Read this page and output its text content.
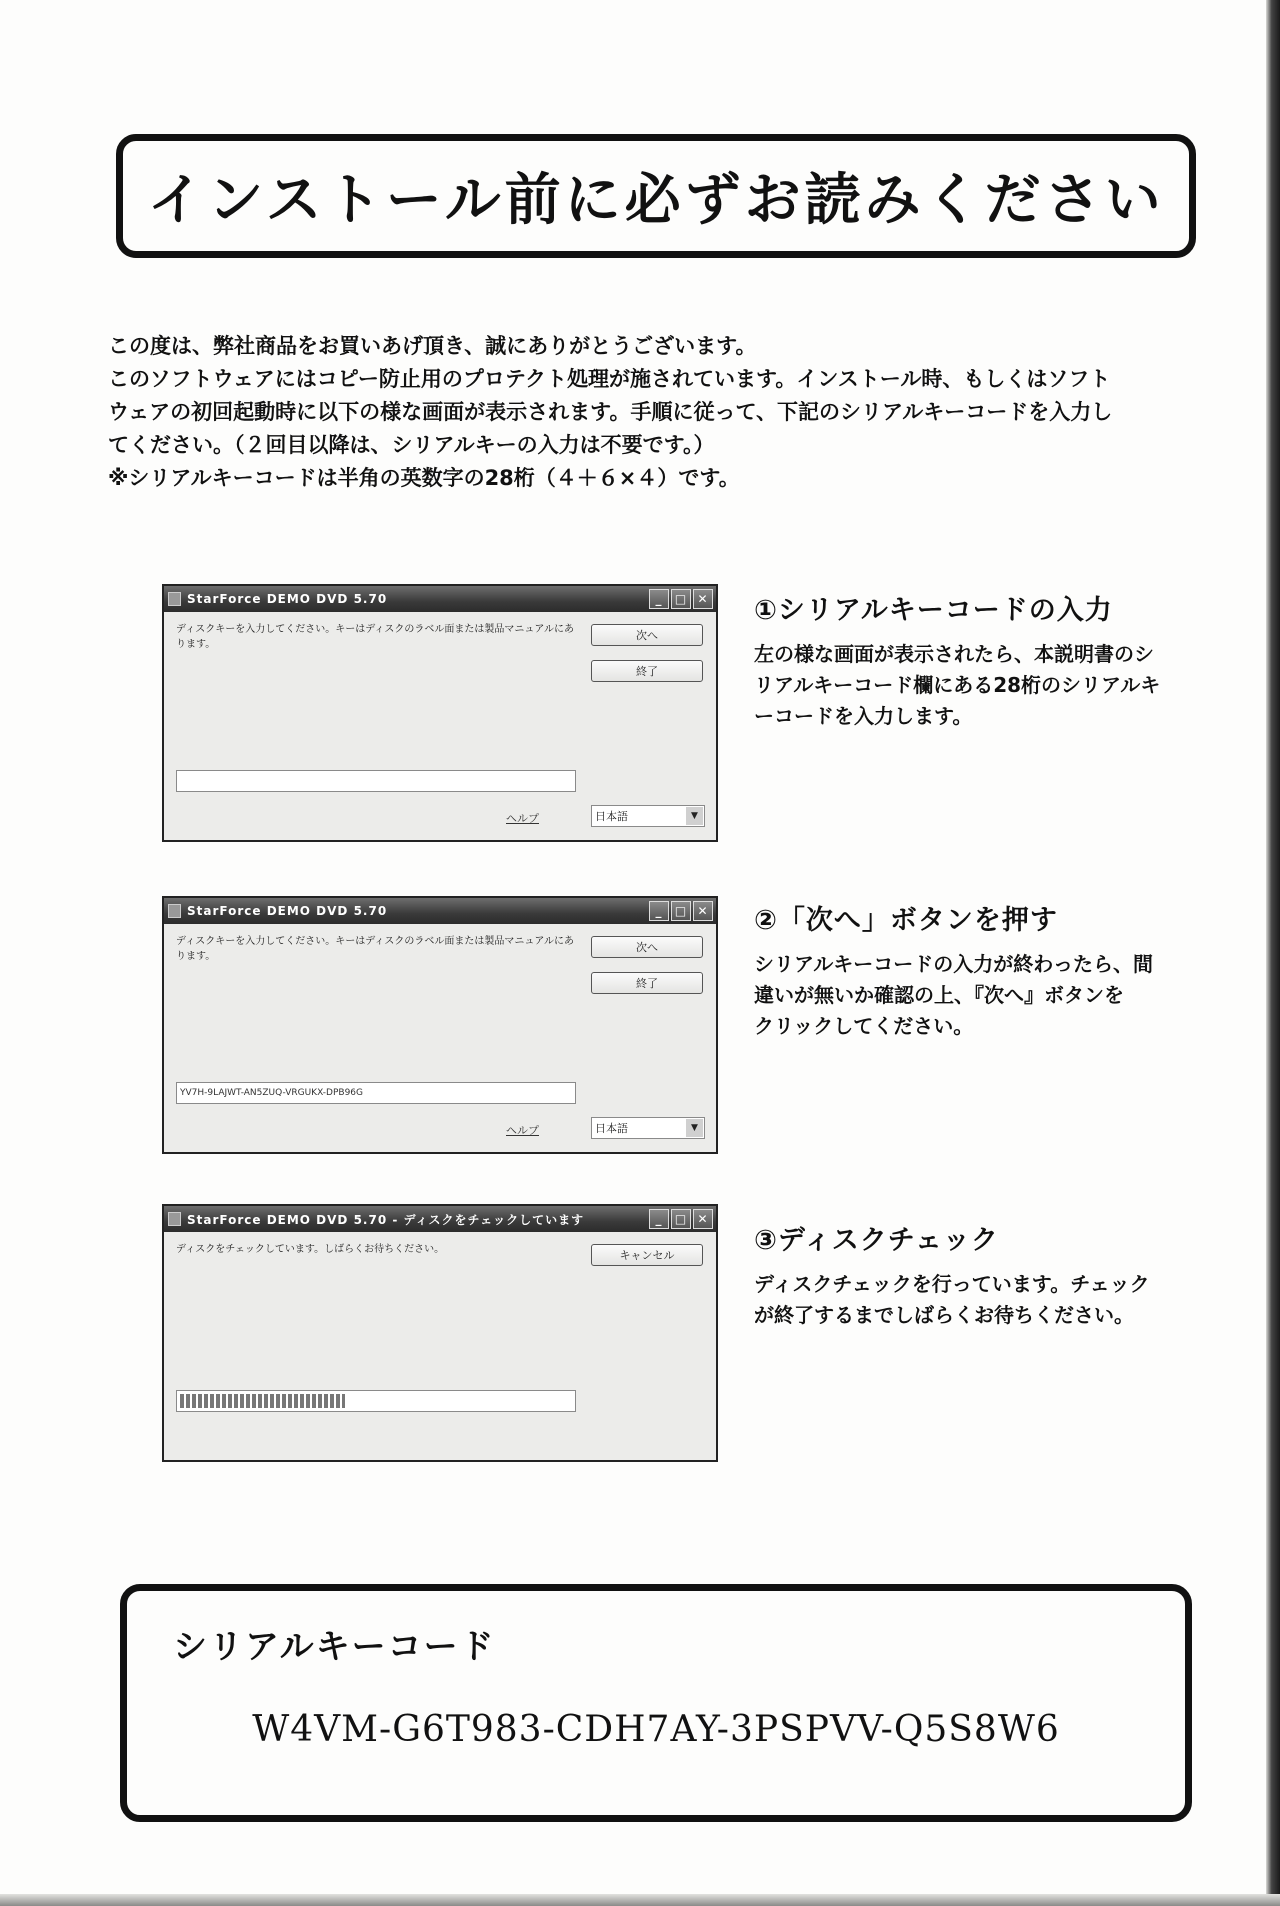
インストール前に必ずお読みください

この度は、弊社商品をお買いあげ頂き、誠にありがとうございます。

このソフトウェアにはコピー防止用のプロテクト処理が施されています。インストール時、もしくはソフト

ウェアの初回起動時に以下の様な画面が表示されます。手順に従って、下記のシリアルキーコードを入力し

てください。（２回目以降は、シリアルキーの入力は不要です。）

※シリアルキーコードは半角の英数字の28桁（４＋６×４）です。

StarForce DEMO DVD 5.70	_	□ ✕
ディスクキーを入力してください。キーはディスクのラベル面または製品マニュアルにあります。
次へ
終了
ヘルプ	日本語	▼
①シリアルキーコードの入力

左の様な画面が表示されたら、本説明書のシ

リアルキーコード欄にある28桁のシリアルキ

ーコードを入力します。

StarForce DEMO DVD 5.70	_	□ ✕
ディスクキーを入力してください。キーはディスクのラベル面または製品マニュアルにあります。
次へ
終了
YV7H-9LAJWT-AN5ZUQ-VRGUKX-DPB96G
ヘルプ	日本語	▼
②「次へ」ボタンを押す

シリアルキーコードの入力が終わったら、間

違いが無いか確認の上、『次へ』ボタンを

クリックしてください。

StarForce DEMO DVD 5.70 - ディスクをチェックしています	_	□ ✕
ディスクをチェックしています。しばらくお待ちください。	キャンセル	③ディスクチェック

ディスクチェックを行っています。チェック

が終了するまでしばらくお待ちください。

シリアルキーコード
W4VM-G6T983-CDH7AY-3PSPVV-Q5S8W6
